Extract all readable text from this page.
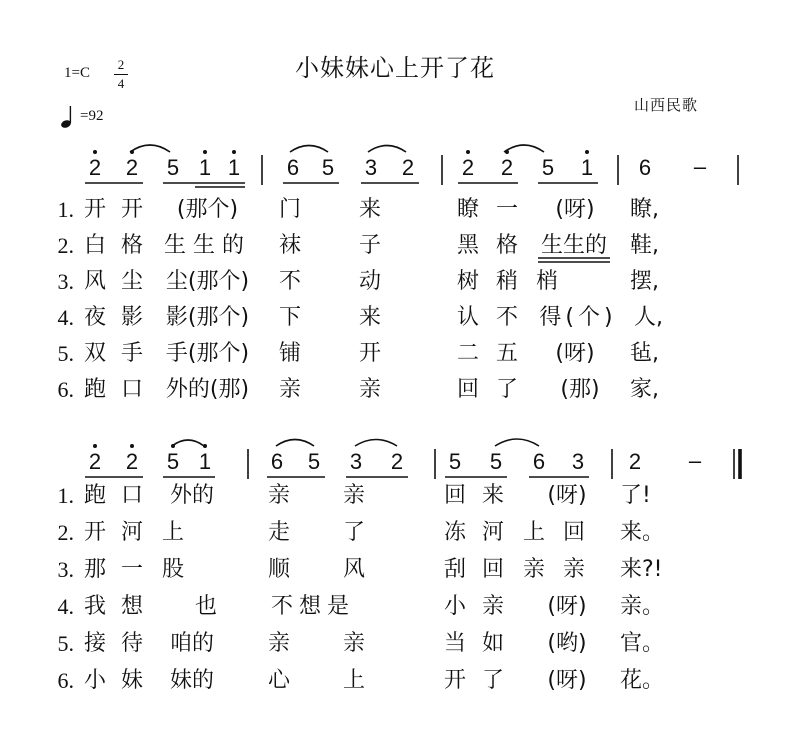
小妹妹心上开了花
1=C
2
4
=92
山西民歌
2 2 5 1 1 6 5 3 2 2 2 5 1 6 –
1. 开 开	(那个)	门	来	瞭 一	(呀)	瞭,
2. 白 格 生生的 袜	子	黑 格 生生的 鞋,
3. 风 尘 尘(那个) 不	动	树 稍 梢	摆,
4. 夜 影 影(那个) 下	来	认 不 得(个) 人,
5. 双 手 手(那个) 铺	开	二 五	(呀)	毡,
6. 跑 口 外的(那) 亲	亲	回 了	(那)	家,
2 2 5 1	6 5 3 2 5 5 6 3 2 –
1. 跑 口	外的	亲 亲	回 来	(呀)	了!
2. 开 河 上	走 了	冻 河 上 回 来。
3. 那 一 股	顺 风	刮 回 亲 亲 来?!
4. 我 想 也	不想是	小 亲	(呀)	亲。
5. 接 待	咱的	亲 亲	当 如	(哟)	官。
6. 小 妹	妹的	心 上	开 了	(呀)	花。
